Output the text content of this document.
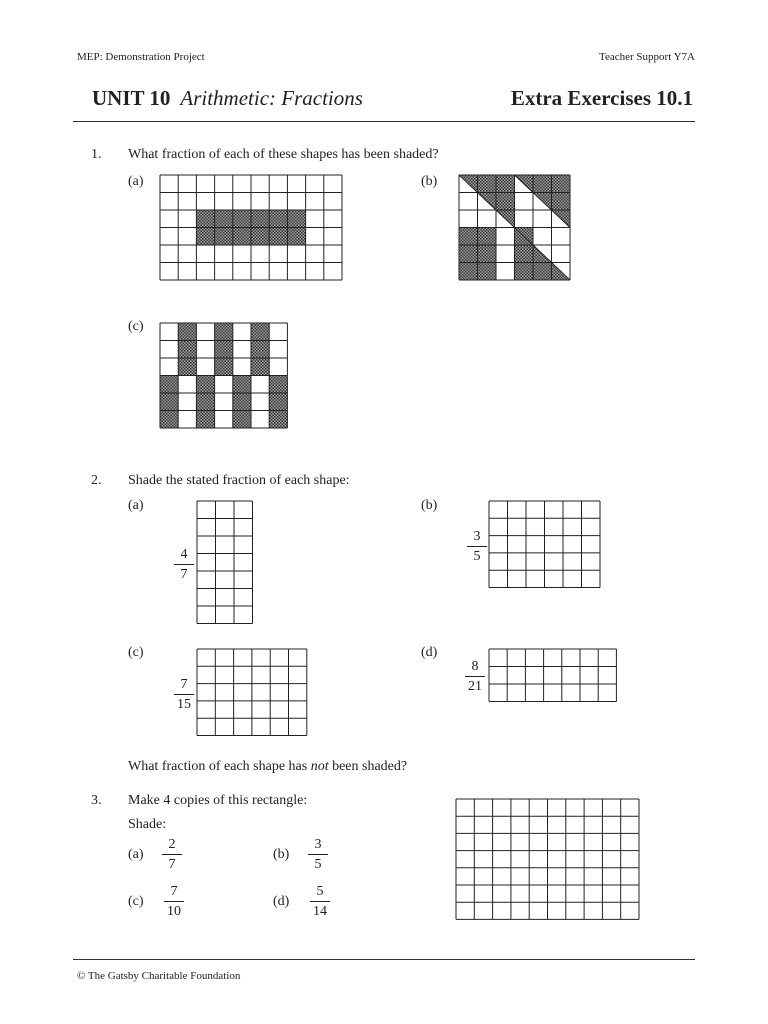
MEP: Demonstration Project	Teacher Support Y7A
UNIT 10 Arithmetic: Fractions	Extra Exercises 10.1
1. What fraction of each of these shapes has been shaded?
(a)	(b)
(c)
2. Shade the stated fraction of each shape:
(a)	(b)
(c)	(d)
4
7
3
5
7
15
8
21
What fraction of each shape has not been shaded?
3. Make 4 copies of this rectangle:
Shade:
(a)
2
7
(b)
3
5
(c)
7
10
(d)
5
14
© The Gatsby Charitable Foundation
